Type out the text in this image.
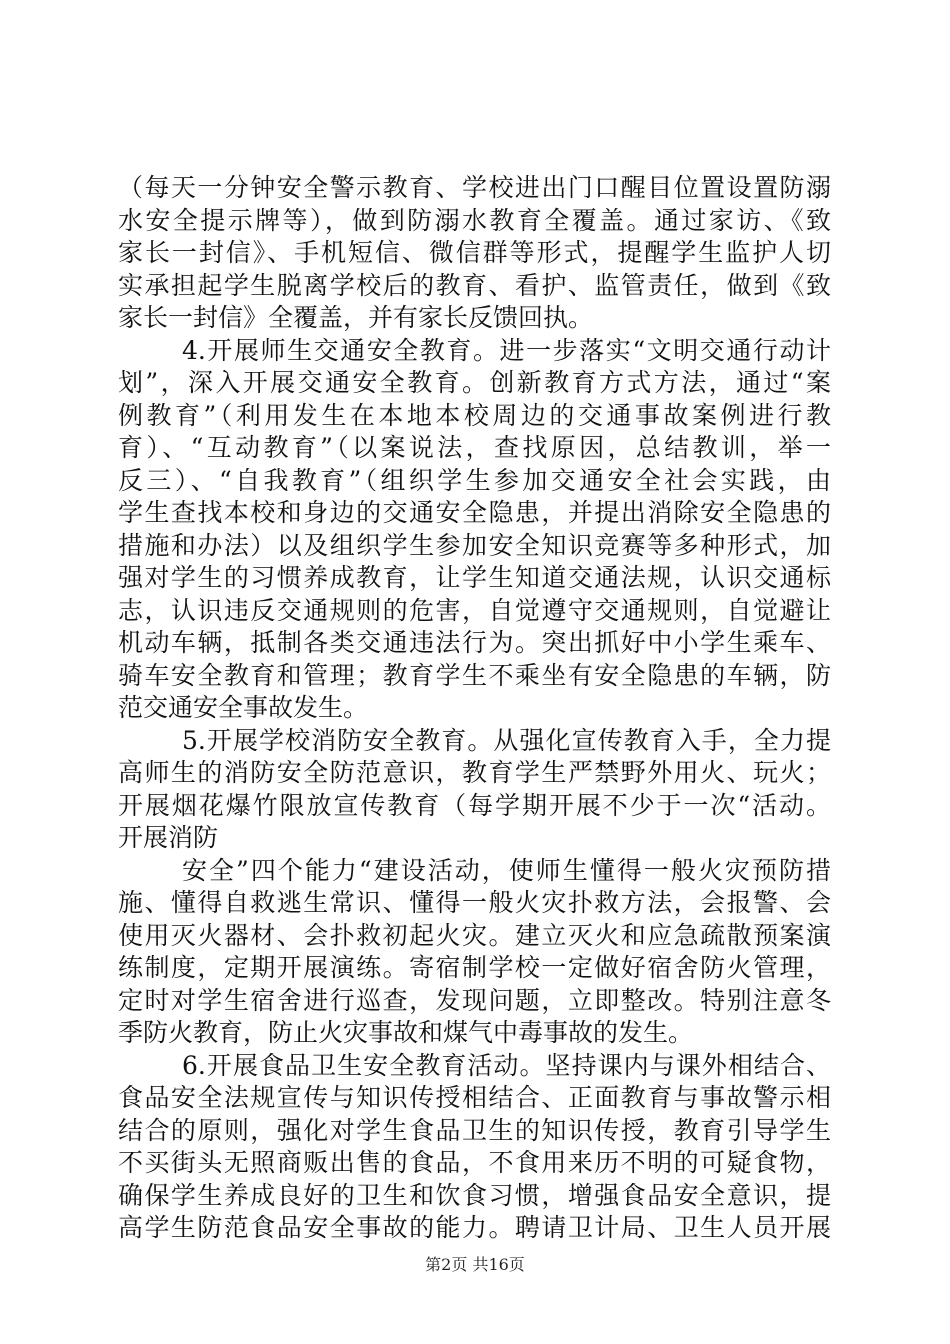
（每天一分钟安全警示教育、学校进出门口醒目位置设置防溺
水安全提示牌等），做到防溺水教育全覆盖。通过家访、《致
家长一封信》、手机短信、微信群等形式，提醒学生监护人切
实承担起学生脱离学校后的教育、看护、监管责任，做到《致
家长一封信》全覆盖，并有家长反馈回执。
4.开展师生交通安全教育。进一步落实“文明交通行动计
划”，深入开展交通安全教育。创新教育方式方法，通过“案
例教育”（利用发生在本地本校周边的交通事故案例进行教
育）、“互动教育”（以案说法，查找原因，总结教训，举一
反三）、“自我教育”（组织学生参加交通安全社会实践，由
学生查找本校和身边的交通安全隐患，并提出消除安全隐患的
措施和办法）以及组织学生参加安全知识竞赛等多种形式，加
强对学生的习惯养成教育，让学生知道交通法规，认识交通标
志，认识违反交通规则的危害，自觉遵守交通规则，自觉避让
机动车辆，抵制各类交通违法行为。突出抓好中小学生乘车、
骑车安全教育和管理；教育学生不乘坐有安全隐患的车辆，防
范交通安全事故发生。
5.开展学校消防安全教育。从强化宣传教育入手，全力提
高师生的消防安全防范意识，教育学生严禁野外用火、玩火；
开展烟花爆竹限放宣传教育（每学期开展不少于一次“活动。
开展消防
安全”四个能力“建设活动，使师生懂得一般火灾预防措
施、懂得自救逃生常识、懂得一般火灾扑救方法，会报警、会
使用灭火器材、会扑救初起火灾。建立灭火和应急疏散预案演
练制度，定期开展演练。寄宿制学校一定做好宿舍防火管理，
定时对学生宿舍进行巡查，发现问题，立即整改。特别注意冬
季防火教育，防止火灾事故和煤气中毒事故的发生。
6.开展食品卫生安全教育活动。坚持课内与课外相结合、
食品安全法规宣传与知识传授相结合、正面教育与事故警示相
结合的原则，强化对学生食品卫生的知识传授，教育引导学生
不买街头无照商贩出售的食品，不食用来历不明的可疑食物，
确保学生养成良好的卫生和饮食习惯，增强食品安全意识，提
高学生防范食品安全事故的能力。聘请卫计局、卫生人员开展
第2页 共16页
